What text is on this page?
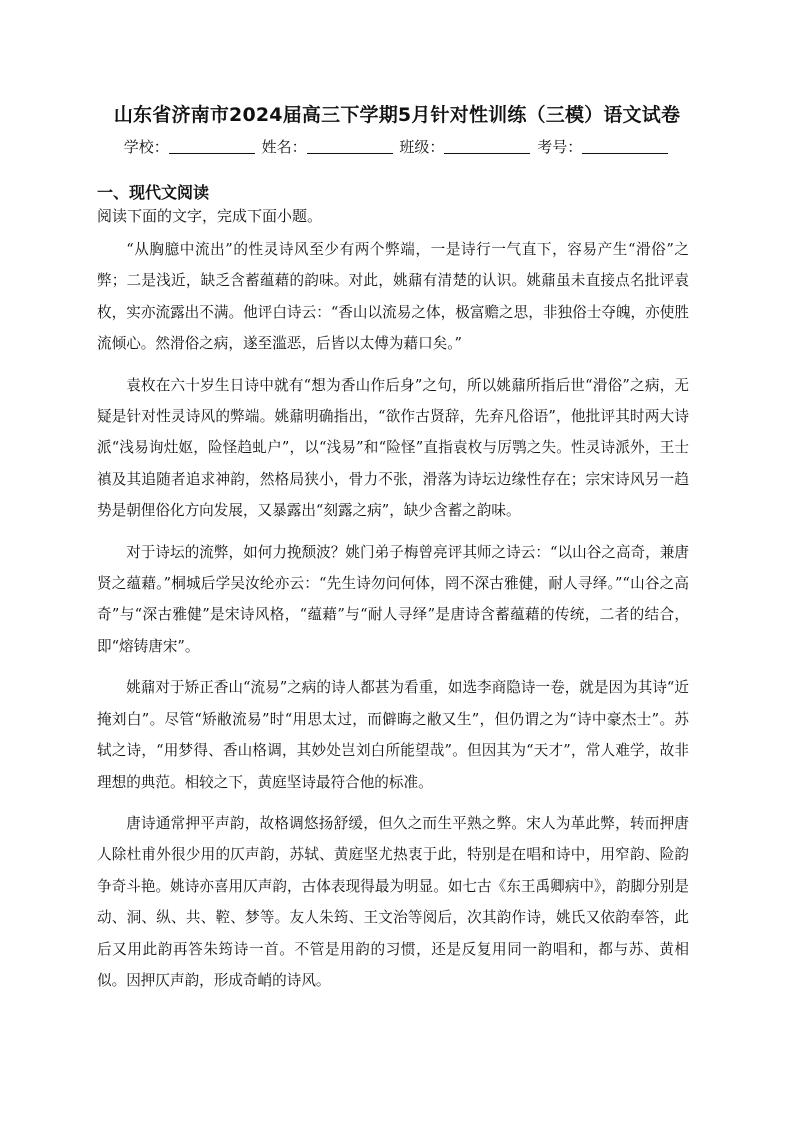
山东省济南市2024届高三下学期5月针对性训练（三模）语文试卷
学校：	姓名：	班级：	考号：
一、现代文阅读
阅读下面的文字，完成下面小题。

“从胸臆中流出”的性灵诗风至少有两个弊端，一是诗行一气直下，容易产生“滑俗”之弊；二是浅近，缺乏含蓄蕴藉的韵味。对此，姚鼐有清楚的认识。姚鼐虽未直接点名批评袁枚，实亦流露出不满。他评白诗云：“香山以流易之体，极富赡之思，非独俗士夺魄，亦使胜流倾心。然滑俗之病，遂至滥恶，后皆以太傅为藉口矣。”

袁枚在六十岁生日诗中就有“想为香山作后身”之句，所以姚鼐所指后世“滑俗”之病，无疑是针对性灵诗风的弊端。姚鼐明确指出，“欲作古贤辞，先弃凡俗语”，他批评其时两大诗派“浅易询灶妪，险怪趋虬户”，以“浅易”和“险怪”直指袁枚与厉鹗之失。性灵诗派外，王士禛及其追随者追求神韵，然格局狭小，骨力不张，滑落为诗坛边缘性存在；宗宋诗风另一趋势是朝俚俗化方向发展，又暴露出“刻露之病”，缺少含蓄之韵味。

对于诗坛的流弊，如何力挽颓波？姚门弟子梅曾亮评其师之诗云：“以山谷之高奇，兼唐贤之蕴藉。”桐城后学吴汝纶亦云：“先生诗勿问何体，罔不深古雅健，耐人寻绎。”“山谷之高奇”与“深古雅健”是宋诗风格，“蕴藉”与“耐人寻绎”是唐诗含蓄蕴藉的传统，二者的结合，即“熔铸唐宋”。

姚鼐对于矫正香山“流易”之病的诗人都甚为看重，如选李商隐诗一卷，就是因为其诗“近掩刘白”。尽管“矫敝流易”时“用思太过，而僻晦之敝又生”，但仍谓之为“诗中豪杰士”。苏轼之诗，“用梦得、香山格调，其妙处岂刘白所能望哉”。但因其为“天才”，常人难学，故非理想的典范。相较之下，黄庭坚诗最符合他的标准。

唐诗通常押平声韵，故格调悠扬舒缓，但久之而生平熟之弊。宋人为革此弊，转而押唐人除杜甫外很少用的仄声韵，苏轼、黄庭坚尤热衷于此，特别是在唱和诗中，用窄韵、险韵争奇斗艳。姚诗亦喜用仄声韵，古体表现得最为明显。如七古《东王禹卿病中》，韵脚分别是动、洞、纵、共、鞚、梦等。友人朱筠、王文治等阅后，次其韵作诗，姚氏又依韵奉答，此后又用此韵再答朱筠诗一首。不管是用韵的习惯，还是反复用同一韵唱和，都与苏、黄相似。因押仄声韵，形成奇峭的诗风。
